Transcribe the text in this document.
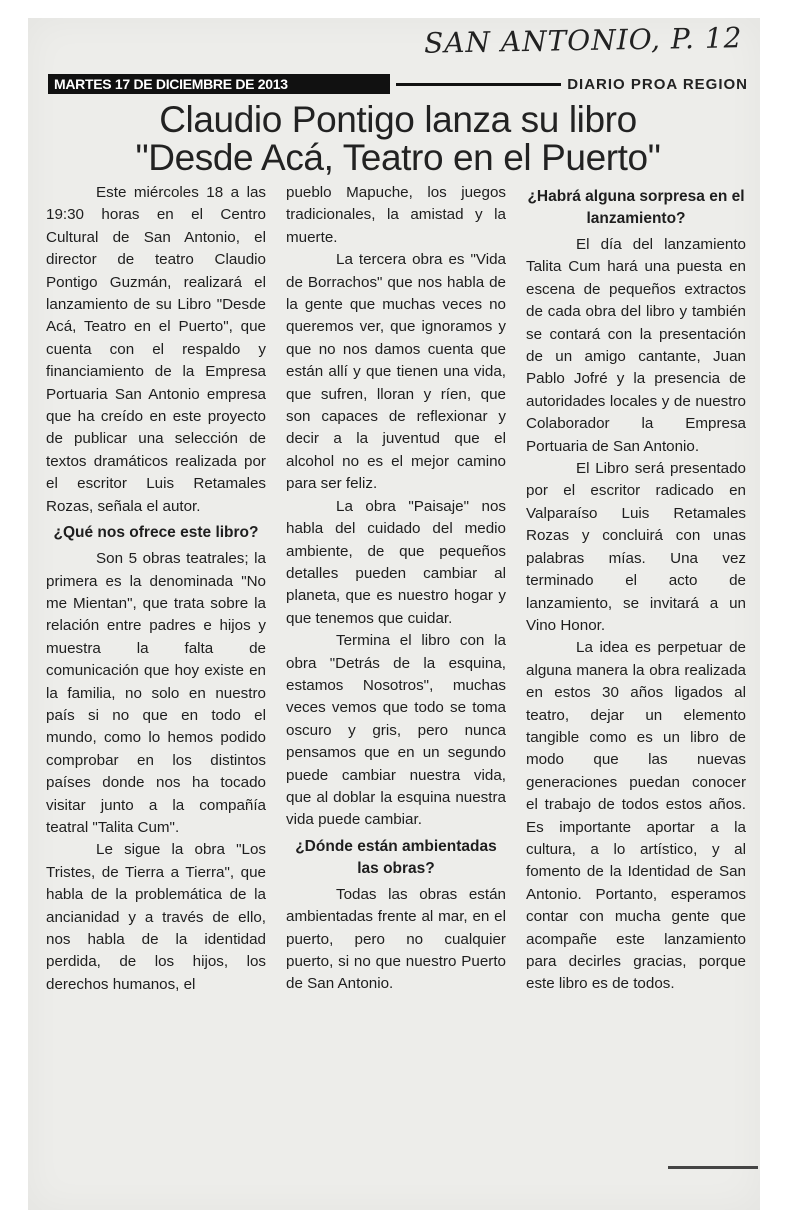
SAN ANTONIO, P. 12
MARTES 17 DE DICIEMBRE DE 2013	DIARIO PROA REGION
Claudio Pontigo lanza su libro
"Desde Acá, Teatro en el Puerto"

Este miércoles 18 a las 19:30 horas en el Centro Cultural de San Antonio, el director de teatro Claudio Pontigo Guzmán, realizará el lanzamiento de su Libro "Desde Acá, Teatro en el Puerto", que cuenta con el respaldo y financiamiento de la Empresa Portuaria San Antonio empresa que ha creído en este proyecto de publicar una selección de textos dramáticos realizada por el escritor Luis Retamales Rozas, señala el autor.

¿Qué nos ofrece este libro?

Son 5 obras teatrales; la primera es la denominada "No me Mientan", que trata sobre la relación entre padres e hijos y muestra la falta de comunicación que hoy existe en la familia, no solo en nuestro país si no que en todo el mundo, como lo hemos podido comprobar en los distintos países donde nos ha tocado visitar junto a la compañía teatral "Talita Cum".

Le sigue la obra "Los Tristes, de Tierra a Tierra", que habla de la problemática de la ancianidad y a través de ello, nos habla de la identidad perdida, de los hijos, los derechos humanos, el

pueblo Mapuche, los juegos tradicionales, la amistad y la muerte.

La tercera obra es "Vida de Borrachos" que nos habla de la gente que muchas veces no queremos ver, que ignoramos y que no nos damos cuenta que están allí y que tienen una vida, que sufren, lloran y ríen, que son capaces de reflexionar y decir a la juventud que el alcohol no es el mejor camino para ser feliz.

La obra "Paisaje" nos habla del cuidado del medio ambiente, de que pequeños detalles pueden cambiar al planeta, que es nuestro hogar y que tenemos que cuidar.

Termina el libro con la obra "Detrás de la esquina, estamos Nosotros", muchas veces vemos que todo se toma oscuro y gris, pero nunca pensamos que en un segundo puede cambiar nuestra vida, que al doblar la esquina nuestra vida puede cambiar.

¿Dónde están ambientadas las obras?

Todas las obras están ambientadas frente al mar, en el puerto, pero no cualquier puerto, si no que nuestro Puerto de San Antonio.

¿Habrá alguna sorpresa en el lanzamiento?

El día del lanzamiento Talita Cum hará una puesta en escena de pequeños extractos de cada obra del libro y también se contará con la presentación de un amigo cantante, Juan Pablo Jofré y la presencia de autoridades locales y de nuestro Colaborador la Empresa Portuaria de San Antonio.

El Libro será presentado por el escritor radicado en Valparaíso Luis Retamales Rozas y concluirá con unas palabras mías. Una vez terminado el acto de lanzamiento, se invitará a un Vino Honor.

La idea es perpetuar de alguna manera la obra realizada en estos 30 años ligados al teatro, dejar un elemento tangible como es un libro de modo que las nuevas generaciones puedan conocer el trabajo de todos estos años. Es importante aportar a la cultura, a lo artístico, y al fomento de la Identidad de San Antonio. Portanto, esperamos contar con mucha gente que acompañe este lanzamiento para decirles gracias, porque este libro es de todos.
